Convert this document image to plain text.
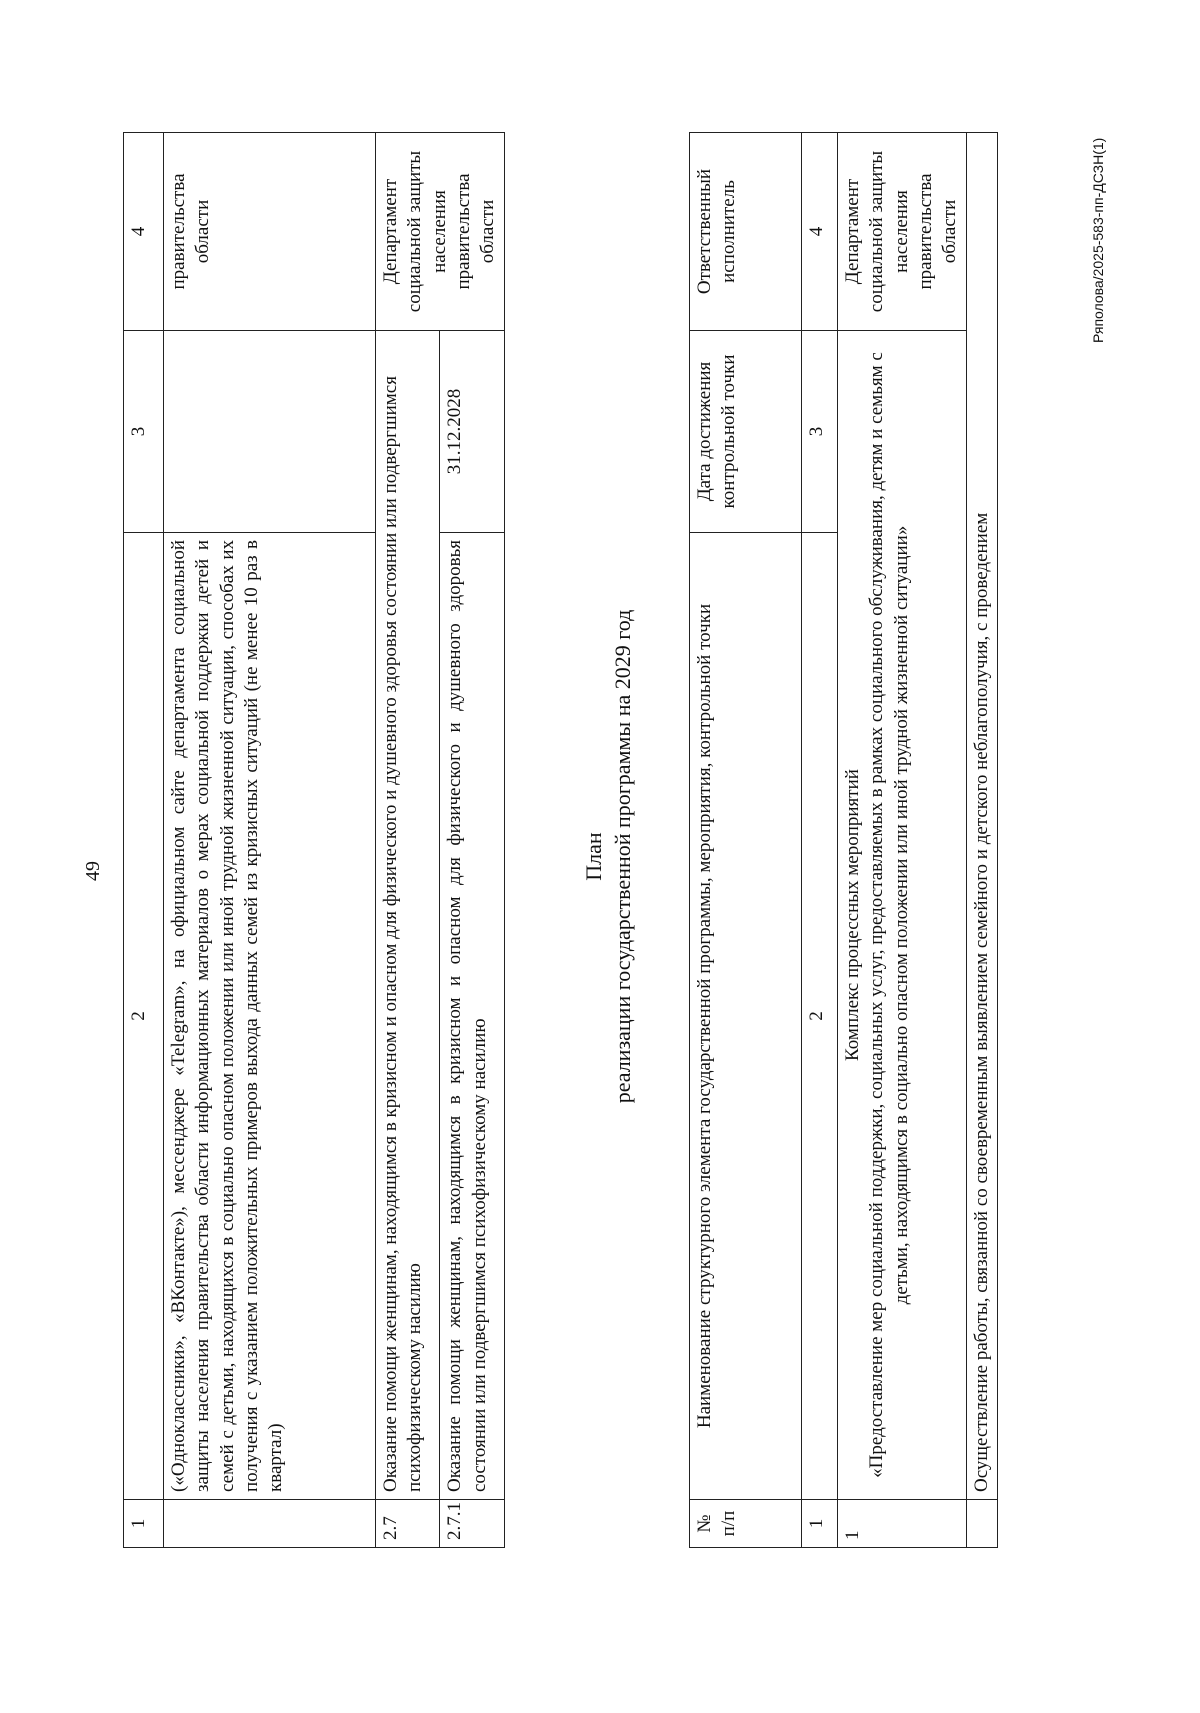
49
1	2	3	4
	(«Одноклассники», «ВКонтакте»), мессенджере «Telegram», на официальном сайте департамента социальной защиты населения правительства области информационных материалов о мерах социальной поддержки детей и семей с детьми, находящихся в социально опасном положении или иной трудной жизненной ситуации, способах их получения с указанием положительных примеров выхода данных семей из кризисных ситуаций (не менее 10 раз в квартал)		правительства области
2.7	Оказание помощи женщинам, находящимся в кризисном и опасном для физического и душевного здоровья состоянии или подвергшимся психофизическому насилию		Департамент социальной защиты населения правительства области
2.7.1	Оказание помощи женщинам, находящимся в кризисном и опасном для физического и душевного здоровья состоянии или подвергшимся психофизическому насилию	31.12.2028	
План реализации государственной программы на 2029 год
№ п/п	Наименование структурного элемента государственной программы, мероприятия, контрольной точки	Дата достижения контрольной точки	Ответственный исполнитель
1	2	3	4
1	Комплекс процессных мероприятий «Предоставление мер социальной поддержки, социальных услуг, предоставляемых в рамках социального обслуживания, детям и семьям с детьми, находящимся в социально опасном положении или иной трудной жизненной ситуации»		Департамент социальной защиты населения правительства области
	Осуществление работы, связанной со своевременным выявлением семейного и детского неблагополучия, с проведением		
Ряполова/2025-583-пп-ДСЗН(1)
